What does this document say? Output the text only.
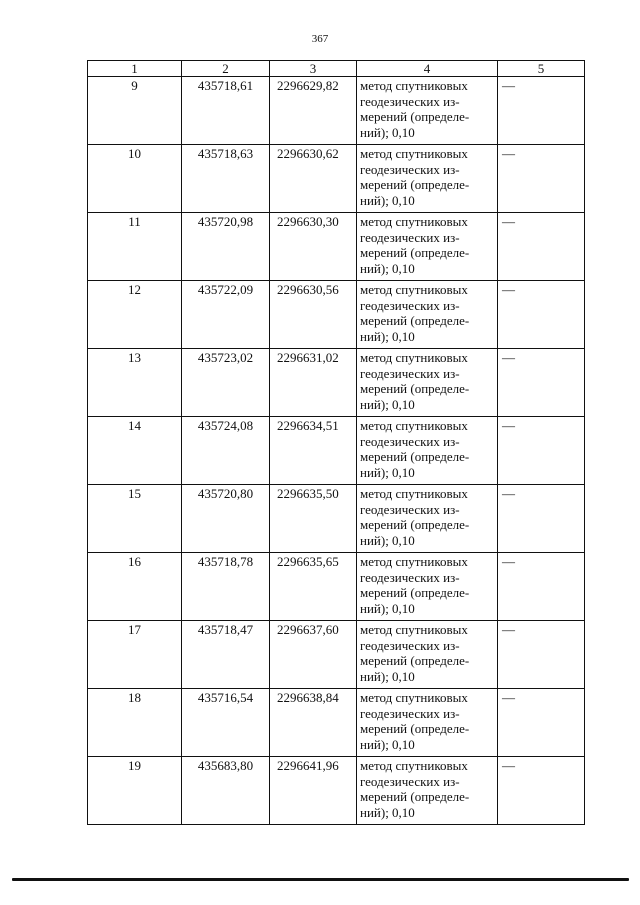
367
1	2	3	4	5
9	435718,61	2296629,82	метод спутниковых
геодезических из-
мерений (определе-
ний); 0,10	—
10	435718,63	2296630,62	метод спутниковых
геодезических из-
мерений (определе-
ний); 0,10	—
11	435720,98	2296630,30	метод спутниковых
геодезических из-
мерений (определе-
ний); 0,10	—
12	435722,09	2296630,56	метод спутниковых
геодезических из-
мерений (определе-
ний); 0,10	—
13	435723,02	2296631,02	метод спутниковых
геодезических из-
мерений (определе-
ний); 0,10	—
14	435724,08	2296634,51	метод спутниковых
геодезических из-
мерений (определе-
ний); 0,10	—
15	435720,80	2296635,50	метод спутниковых
геодезических из-
мерений (определе-
ний); 0,10	—
16	435718,78	2296635,65	метод спутниковых
геодезических из-
мерений (определе-
ний); 0,10	—
17	435718,47	2296637,60	метод спутниковых
геодезических из-
мерений (определе-
ний); 0,10	—
18	435716,54	2296638,84	метод спутниковых
геодезических из-
мерений (определе-
ний); 0,10	—
19	435683,80	2296641,96	метод спутниковых
геодезических из-
мерений (определе-
ний); 0,10	—
